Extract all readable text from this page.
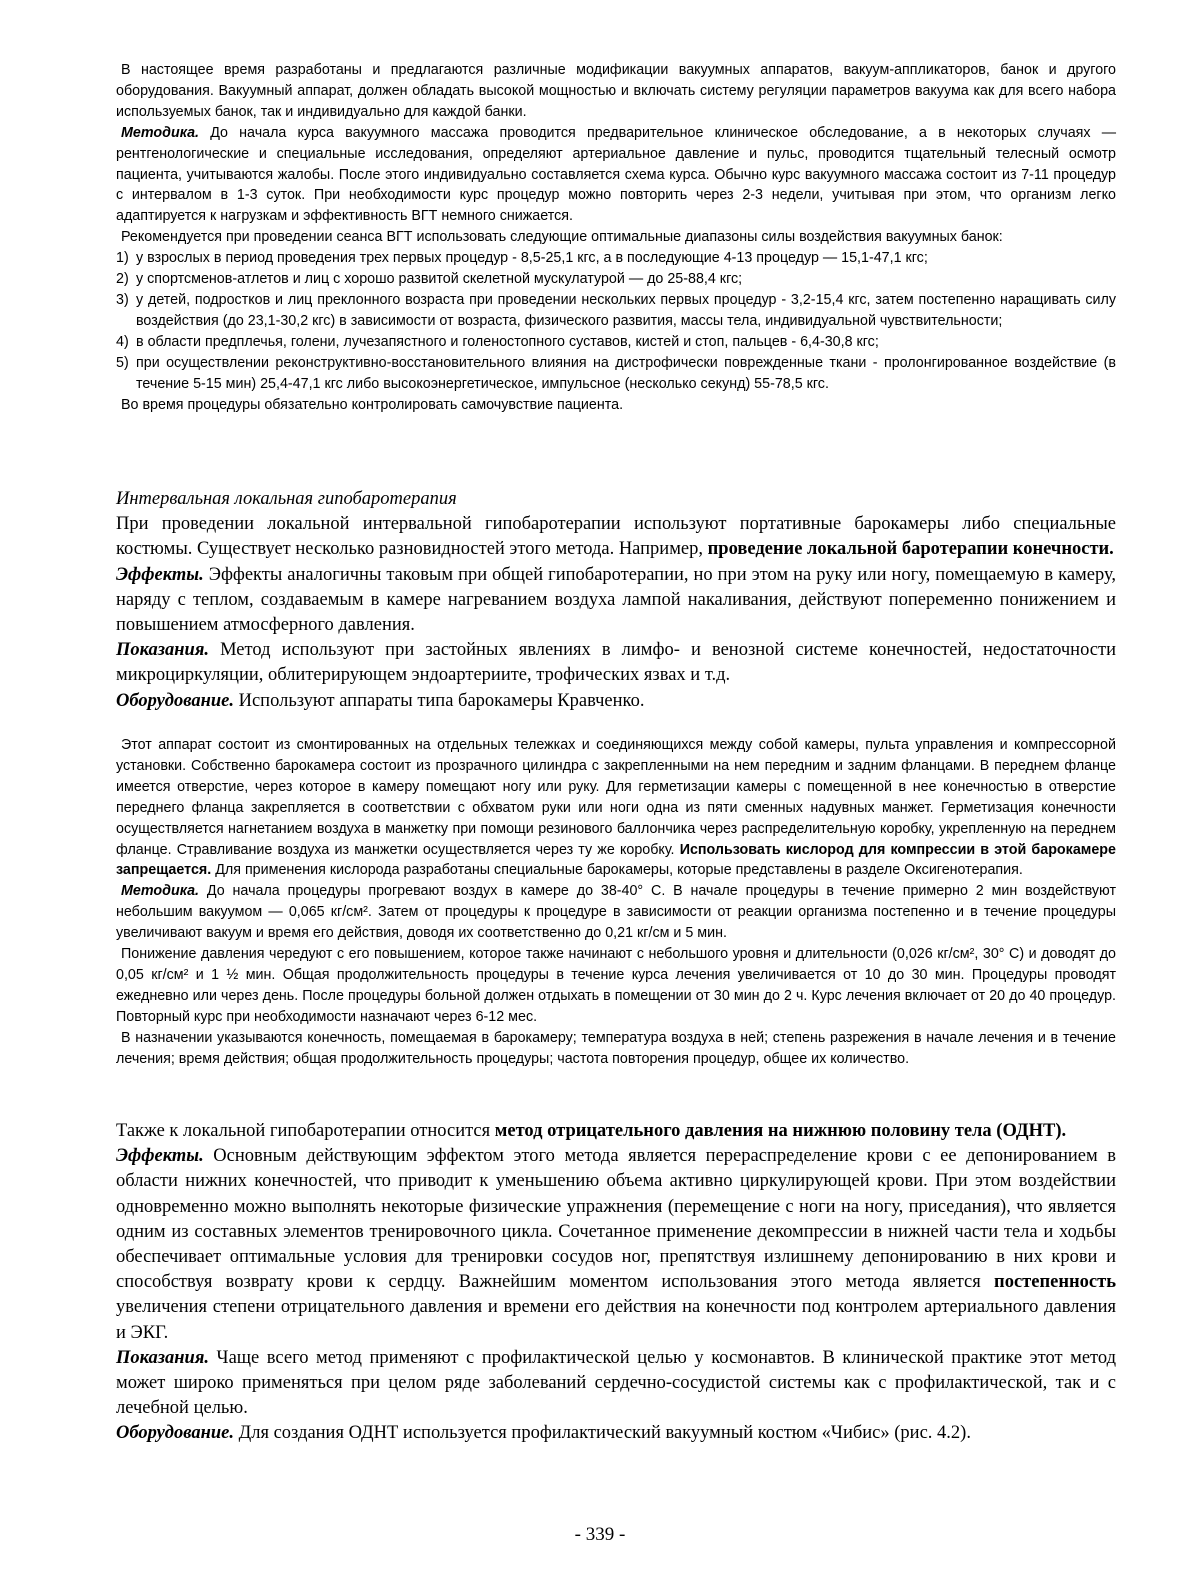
В настоящее время разработаны и предлагаются различные модификации вакуумных аппаратов, вакуум-аппликаторов, банок и другого оборудования. Вакуумный аппарат, должен обладать высокой мощностью и включать систему регуляции параметров вакуума как для всего набора используемых банок, так и индивидуально для каждой банки.

Методика. До начала курса вакуумного массажа проводится предварительное клиническое обследование, а в некоторых случаях — рентгенологические и специальные исследования, определяют артериальное давление и пульс, проводится тщательный телесный осмотр пациента, учитываются жалобы. После этого индивидуально составляется схема курса. Обычно курс вакуумного массажа состоит из 7-11 процедур с интервалом в 1-3 суток. При необходимости курс процедур можно повторить через 2-3 недели, учитывая при этом, что организм легко адаптируется к нагрузкам и эффективность ВГТ немного снижается.

Рекомендуется при проведении сеанса ВГТ использовать следующие оптимальные диапазоны силы воздействия вакуумных банок:

1) у взрослых в период проведения трех первых процедур - 8,5-25,1 кгс, а в последующие 4-13 процедур — 15,1-47,1 кгс;
2) у спортсменов-атлетов и лиц с хорошо развитой скелетной мускулатурой — до 25-88,4 кгс;
3) у детей, подростков и лиц преклонного возраста при проведении нескольких первых процедур - 3,2-15,4 кгс, затем постепенно наращивать силу воздействия (до 23,1-30,2 кгс) в зависимости от возраста, физического развития, массы тела, индивидуальной чувствительности;
4) в области предплечья, голени, лучезапястного и голеностопного суставов, кистей и стоп, пальцев - 6,4-30,8 кгс;
5) при осуществлении реконструктивно-восстановительного влияния на дистрофически поврежденные ткани - пролонгированное воздействие (в течение 5-15 мин) 25,4-47,1 кгс либо высокоэнергетическое, импульсное (несколько секунд) 55-78,5 кгс.

Во время процедуры обязательно контролировать самочувствие пациента.

Интервальная локальная гипобаротерапия

При проведении локальной интервальной гипобаротерапии используют портативные барокамеры либо специальные костюмы. Существует несколько разновидностей этого метода. Например, проведение локальной баротерапии конечности.

Эффекты. Эффекты аналогичны таковым при общей гипобаротерапии, но при этом на руку или ногу, помещаемую в камеру, наряду с теплом, создаваемым в камере нагреванием воздуха лампой накаливания, действуют попеременно понижением и повышением атмосферного давления.

Показания. Метод используют при застойных явлениях в лимфо- и венозной системе конечностей, недостаточности микроциркуляции, облитерирующем эндоартериите, трофических язвах и т.д.

Оборудование. Используют аппараты типа барокамеры Кравченко.

Этот аппарат состоит из смонтированных на отдельных тележках и соединяющихся между собой камеры, пульта управления и компрессорной установки. Собственно барокамера состоит из прозрачного цилиндра с закрепленными на нем передним и задним фланцами. В переднем фланце имеется отверстие, через которое в камеру помещают ногу или руку. Для герметизации камеры с помещенной в нее конечностью в отверстие переднего фланца закрепляется в соответствии с обхватом руки или ноги одна из пяти сменных надувных манжет. Герметизация конечности осуществляется нагнетанием воздуха в манжетку при помощи резинового баллончика через распределительную коробку, укрепленную на переднем фланце. Стравливание воздуха из манжетки осуществляется через ту же коробку. Использовать кислород для компрессии в этой барокамере запрещается. Для применения кислорода разработаны специальные барокамеры, которые представлены в разделе Оксигенотерапия.

Методика. До начала процедуры прогревают воздух в камере до 38-40° С. В начале процедуры в течение примерно 2 мин воздействуют небольшим вакуумом — 0,065 кг/см². Затем от процедуры к процедуре в зависимости от реакции организма постепенно и в течение процедуры увеличивают вакуум и время его действия, доводя их соответственно до 0,21 кг/см и 5 мин.

Понижение давления чередуют с его повышением, которое также начинают с небольшого уровня и длительности (0,026 кг/см², 30° С) и доводят до 0,05 кг/см² и 1 ½ мин. Общая продолжительность процедуры в течение курса лечения увеличивается от 10 до 30 мин. Процедуры проводят ежедневно или через день. После процедуры больной должен отдыхать в помещении от 30 мин до 2 ч. Курс лечения включает от 20 до 40 процедур. Повторный курс при необходимости назначают через 6-12 мес.

В назначении указываются конечность, помещаемая в барокамеру; температура воздуха в ней; степень разрежения в начале лечения и в течение лечения; время действия; общая продолжительность процедуры; частота повторения процедур, общее их количество.

Также к локальной гипобаротерапии относится метод отрицательного давления на нижнюю половину тела (ОДНТ).

Эффекты. Основным действующим эффектом этого метода является перераспределение крови с ее депонированием в области нижних конечностей, что приводит к уменьшению объема активно циркулирующей крови. При этом воздействии одновременно можно выполнять некоторые физические упражнения (перемещение с ноги на ногу, приседания), что является одним из составных элементов тренировочного цикла. Сочетанное применение декомпрессии в нижней части тела и ходьбы обеспечивает оптимальные условия для тренировки сосудов ног, препятствуя излишнему депонированию в них крови и способствуя возврату крови к сердцу. Важнейшим моментом использования этого метода является постепенность увеличения степени отрицательного давления и времени его действия на конечности под контролем артериального давления и ЭКГ.

Показания. Чаще всего метод применяют с профилактической целью у космонавтов. В клинической практике этот метод может широко применяться при целом ряде заболеваний сердечно-сосудистой системы как с профилактической, так и с лечебной целью.

Оборудование. Для создания ОДНТ используется профилактический вакуумный костюм «Чибис» (рис. 4.2).

- 339 -
